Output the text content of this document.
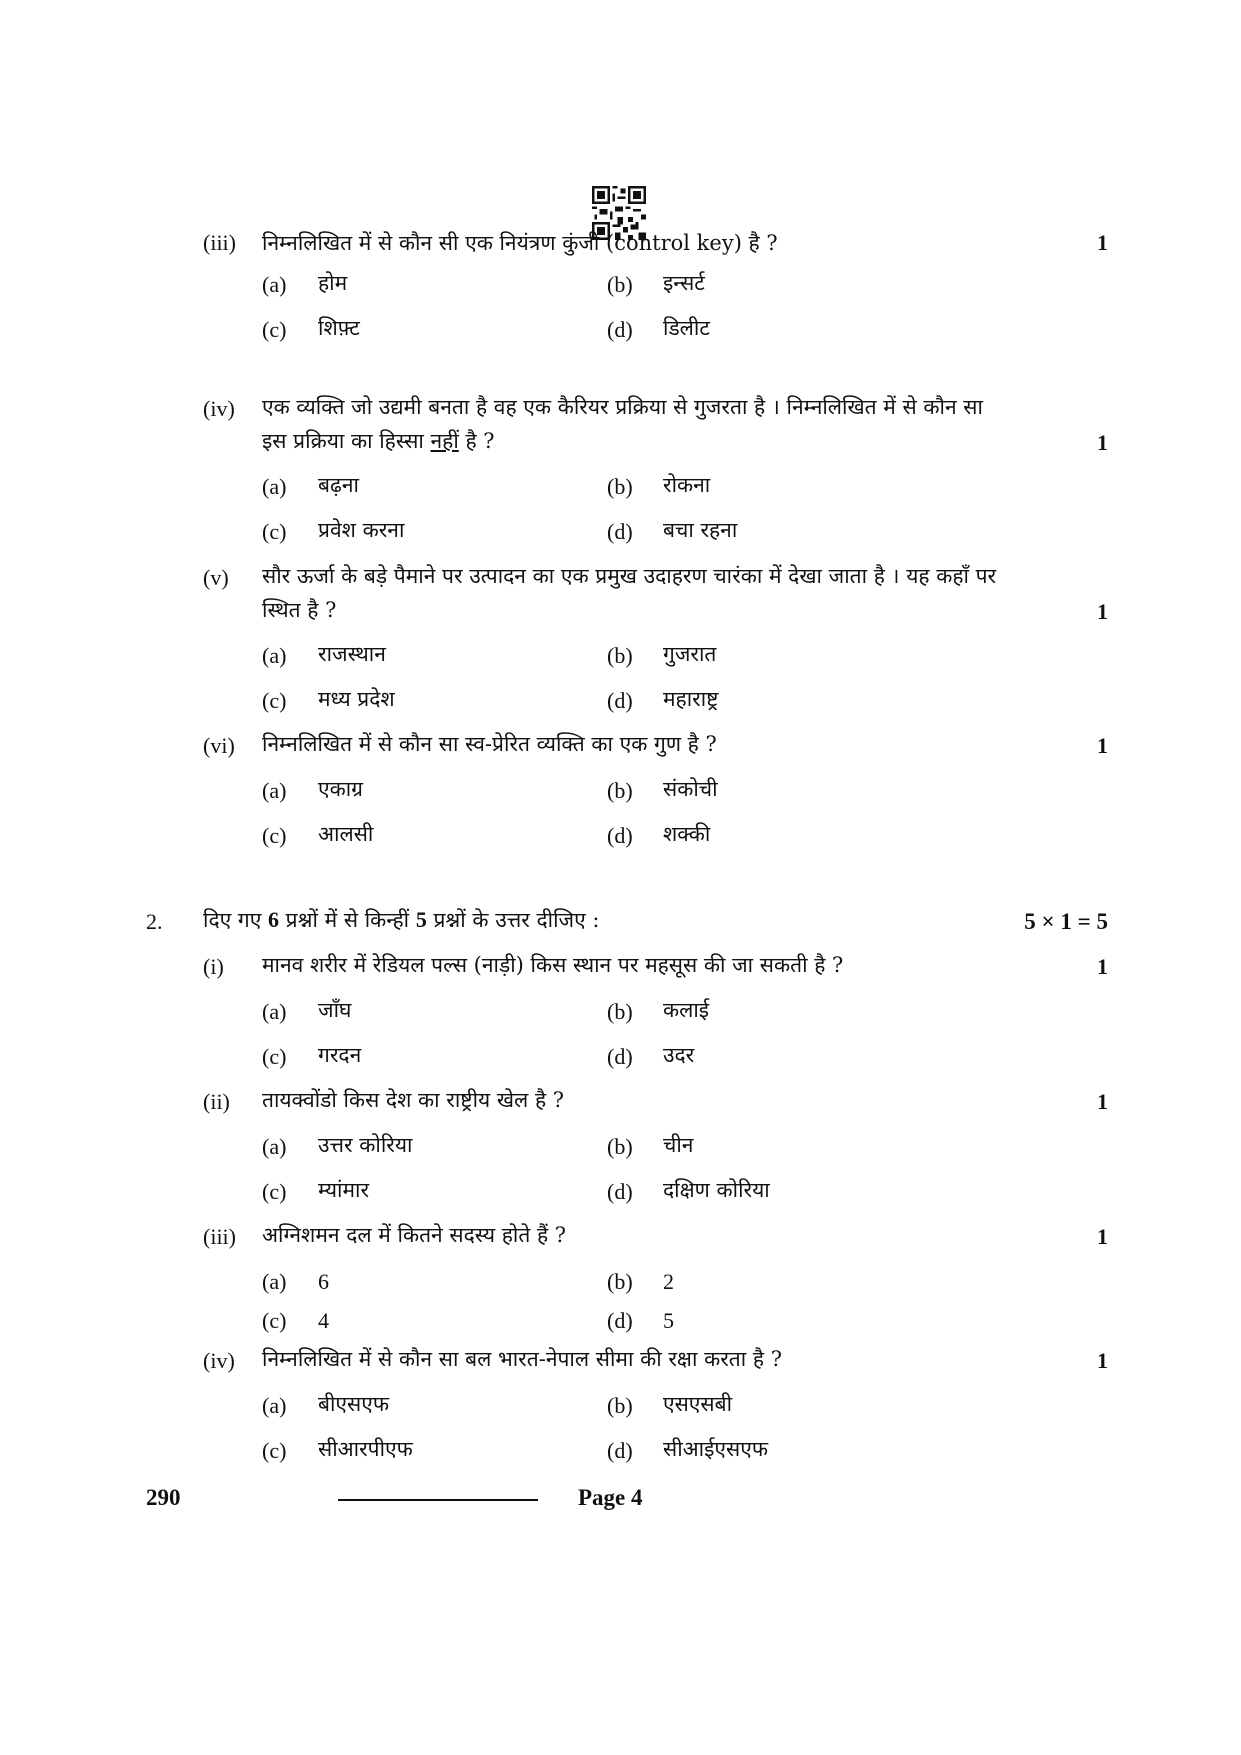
(iii) निम्नलिखित में से कौन सी एक नियंत्रण कुंजी (control key) है ?	1
(a) होम	(b) इन्सर्ट
(c) शिफ़्ट	(d) डिलीट
(iv) एक व्यक्ति जो उद्यमी बनता है वह एक कैरियर प्रक्रिया से गुजरता है । निम्नलिखित में से कौन सा
इस प्रक्रिया का हिस्सा नहीं है ?	1
(a) बढ़ना	(b) रोकना
(c) प्रवेश करना	(d) बचा रहना
(v) सौर ऊर्जा के बड़े पैमाने पर उत्पादन का एक प्रमुख उदाहरण चारंका में देखा जाता है । यह कहाँ पर
स्थित है ?	1
(a) राजस्थान	(b) गुजरात
(c) मध्य प्रदेश	(d) महाराष्ट्र
(vi) निम्नलिखित में से कौन सा स्व-प्रेरित व्यक्ति का एक गुण है ?	1
(a) एकाग्र	(b) संकोची
(c) आलसी	(d) शक्की
2. दिए गए 6 प्रश्नों में से किन्हीं 5 प्रश्नों के उत्तर दीजिए :	5 × 1 = 5
(i) मानव शरीर में रेडियल पल्स (नाड़ी) किस स्थान पर महसूस की जा सकती है ?	1
(a) जाँघ	(b) कलाई
(c) गरदन	(d) उदर
(ii) तायक्वोंडो किस देश का राष्ट्रीय खेल है ?	1
(a) उत्तर कोरिया	(b) चीन
(c) म्यांमार	(d) दक्षिण कोरिया
(iii) अग्निशमन दल में कितने सदस्य होते हैं ?	1
(a) 6	(b) 2
(c) 4	(d) 5
(iv) निम्नलिखित में से कौन सा बल भारत-नेपाल सीमा की रक्षा करता है ?	1
(a) बीएसएफ	(b) एसएसबी
(c) सीआरपीएफ	(d) सीआईएसएफ
290	Page 4
